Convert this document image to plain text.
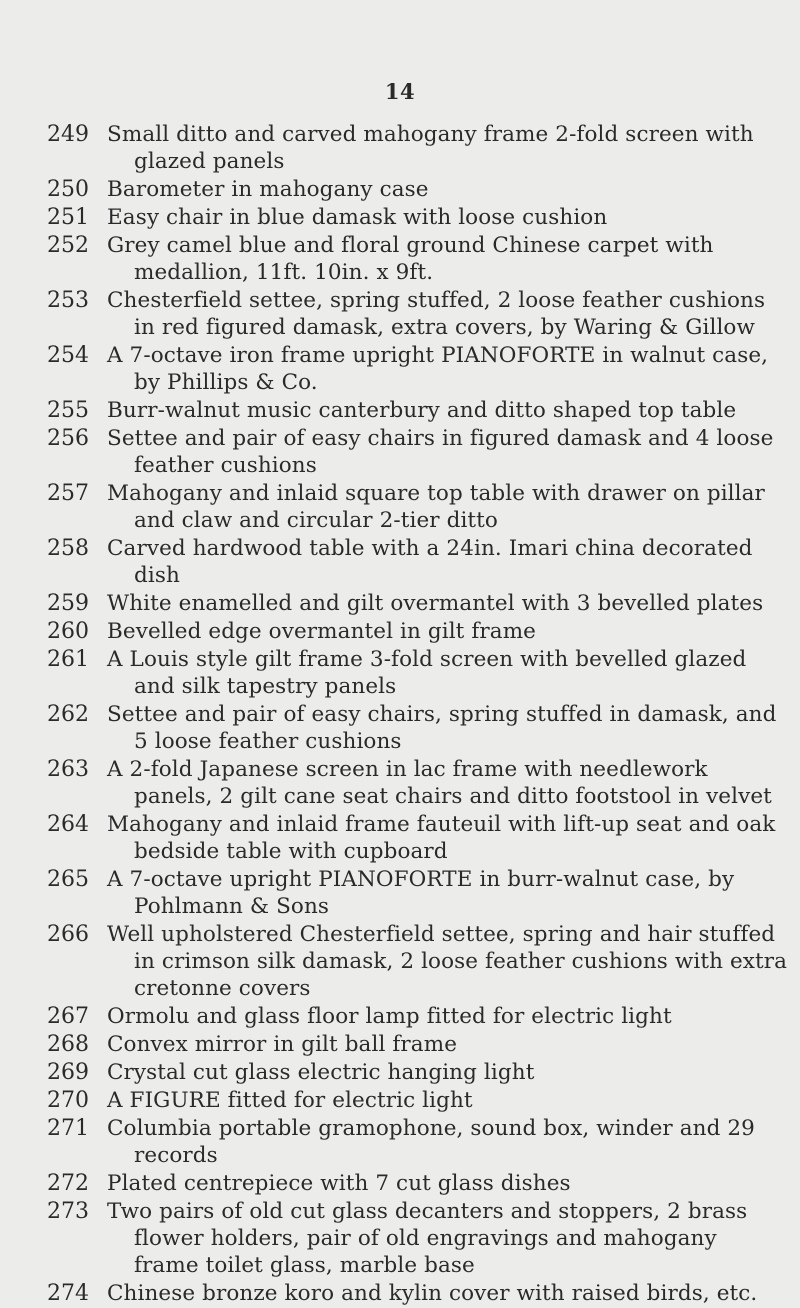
14
249 Small ditto and carved mahogany frame 2-fold screen with glazed panels
250 Barometer in mahogany case
251 Easy chair in blue damask with loose cushion
252 Grey camel blue and floral ground Chinese carpet with medallion, 11ft. 10in. x 9ft.
253 Chesterfield settee, spring stuffed, 2 loose feather cushions in red figured damask, extra covers, by Waring & Gillow
254 A 7-octave iron frame upright PIANOFORTE in walnut case, by Phillips & Co.
255 Burr-walnut music canterbury and ditto shaped top table
256 Settee and pair of easy chairs in figured damask and 4 loose feather cushions
257 Mahogany and inlaid square top table with drawer on pillar and claw and circular 2-tier ditto
258 Carved hardwood table with a 24in. Imari china decorated dish
259 White enamelled and gilt overmantel with 3 bevelled plates
260 Bevelled edge overmantel in gilt frame
261 A Louis style gilt frame 3-fold screen with bevelled glazed and silk tapestry panels
262 Settee and pair of easy chairs, spring stuffed in damask, and 5 loose feather cushions
263 A 2-fold Japanese screen in lac frame with needlework panels, 2 gilt cane seat chairs and ditto footstool in velvet
264 Mahogany and inlaid frame fauteuil with lift-up seat and oak bedside table with cupboard
265 A 7-octave upright PIANOFORTE in burr-walnut case, by Pohlmann & Sons
266 Well upholstered Chesterfield settee, spring and hair stuffed in crimson silk damask, 2 loose feather cushions with extra cretonne covers
267 Ormolu and glass floor lamp fitted for electric light
268 Convex mirror in gilt ball frame
269 Crystal cut glass electric hanging light
270 A FIGURE fitted for electric light
271 Columbia portable gramophone, sound box, winder and 29 records
272 Plated centrepiece with 7 cut glass dishes
273 Two pairs of old cut glass decanters and stoppers, 2 brass flower holders, pair of old engravings and mahogany frame toilet glass, marble base
274 Chinese bronze koro and kylin cover with raised birds, etc.
